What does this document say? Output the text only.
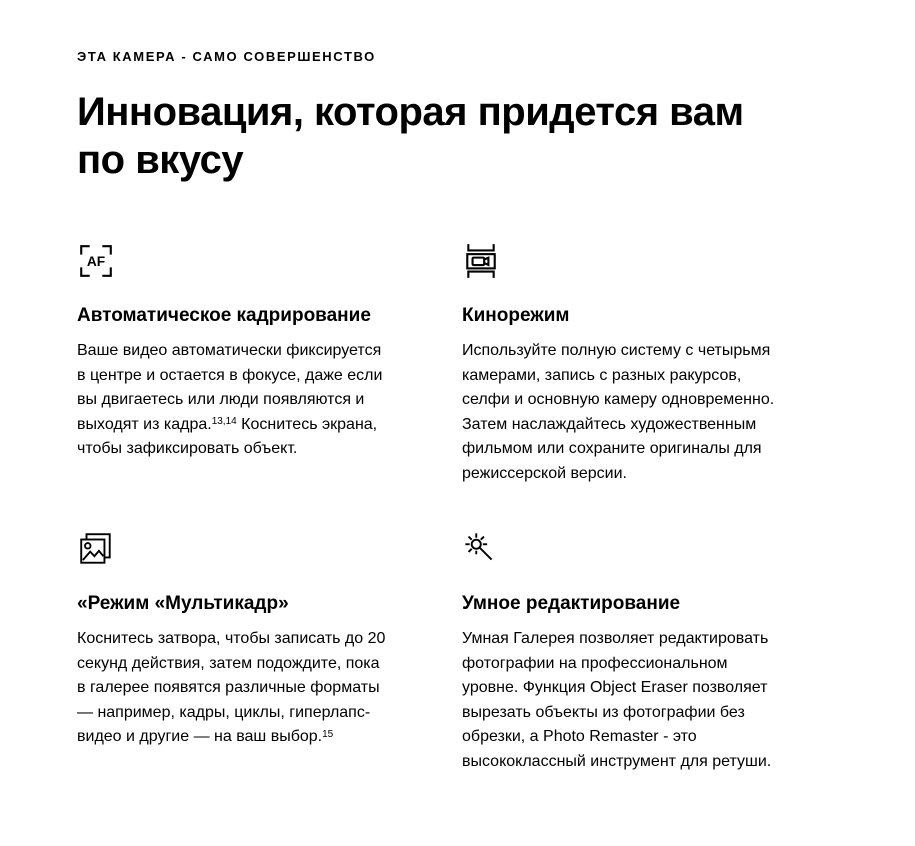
ЭТА КАМЕРА - САМО СОВЕРШЕНСТВО

Инновация, которая придется вам по вкусу
AF
Автоматическое кадрирование

Ваше видео автоматически фиксируется в центре и остается в фокусе, даже если вы двигаетесь или люди появляются и выходят из кадра.$^{13,14}$ Коснитесь экрана, чтобы зафиксировать объект.

Кинорежим

Используйте полную систему с четырьмя камерами, запись с разных ракурсов, селфи и основную камеру одновременно. Затем наслаждайтесь художественным фильмом или сохраните оригиналы для режиссерской версии.

«Режим «Мультикадр»

Коснитесь затвора, чтобы записать до 20 секунд действия, затем подождите, пока в галерее появятся различные форматы — например, кадры, циклы, гиперлапс-видео и другие — на ваш выбор.$^{15}$

Умное редактирование

Умная Галерея позволяет редактировать фотографии на профессиональном уровне. Функция Object Eraser позволяет вырезать объекты из фотографии без обрезки, а Photo Remaster - это высококлассный инструмент для ретуши.
